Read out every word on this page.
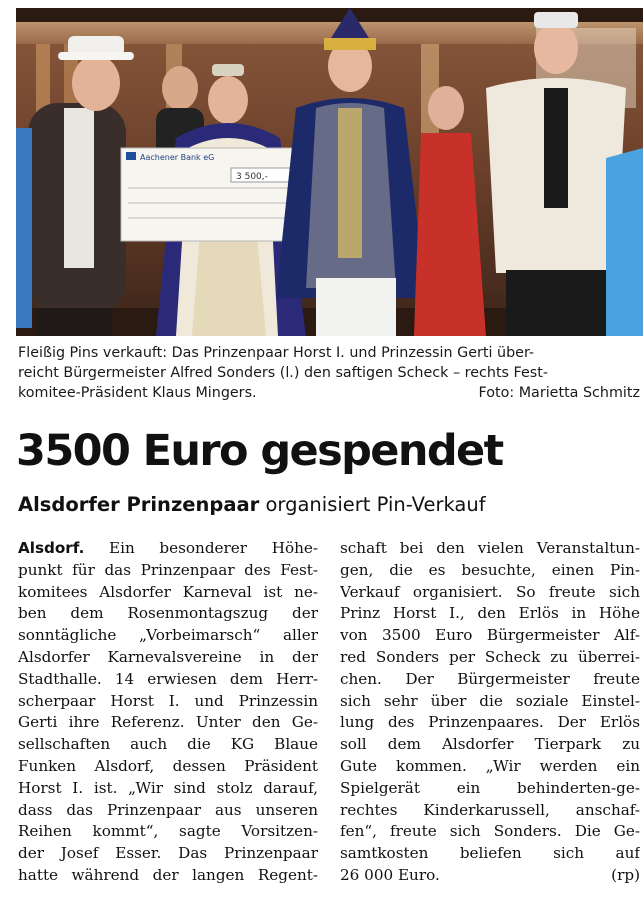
Aachener Bank eG
3 500,-
Fleißig Pins verkauft: Das Prinzenpaar Horst I. und Prinzessin Gerti über-
reicht Bürgermeister Alfred Sonders (l.) den saftigen Scheck – rechts Fest-
komitee-Präsident Klaus Mingers.	Foto: Marietta Schmitz
3500 Euro gespendet
Alsdorfer Prinzenpaar organisiert Pin-Verkauf
Alsdorf. Ein besonderer Höhe-
punkt für das Prinzenpaar des Fest-
komitees Alsdorfer Karneval ist ne-
ben dem Rosenmontagszug der
sonntägliche „Vorbeimarsch“ aller
Alsdorfer Karnevalsvereine in der
Stadthalle. 14 erwiesen dem Herr-
scherpaar Horst I. und Prinzessin
Gerti ihre Referenz. Unter den Ge-
sellschaften auch die KG Blaue
Funken Alsdorf, dessen Präsident
Horst I. ist. „Wir sind stolz darauf,
dass das Prinzenpaar aus unseren
Reihen kommt“, sagte Vorsitzen-
der Josef Esser. Das Prinzenpaar
hatte während der langen Regent-
schaft bei den vielen Veranstaltun-
gen, die es besuchte, einen Pin-
Verkauf organisiert. So freute sich
Prinz Horst I., den Erlös in Höhe
von 3500 Euro Bürgermeister Alf-
red Sonders per Scheck zu überrei-
chen. Der Bürgermeister freute
sich sehr über die soziale Einstel-
lung des Prinzenpaares. Der Erlös
soll dem Alsdorfer Tierpark zu
Gute kommen. „Wir werden ein
Spielgerät ein behinderten-ge-
rechtes Kinderkarussell, anschaf-
fen“, freute sich Sonders. Die Ge-
samtkosten beliefen sich auf
26 000 Euro.	(rp)
